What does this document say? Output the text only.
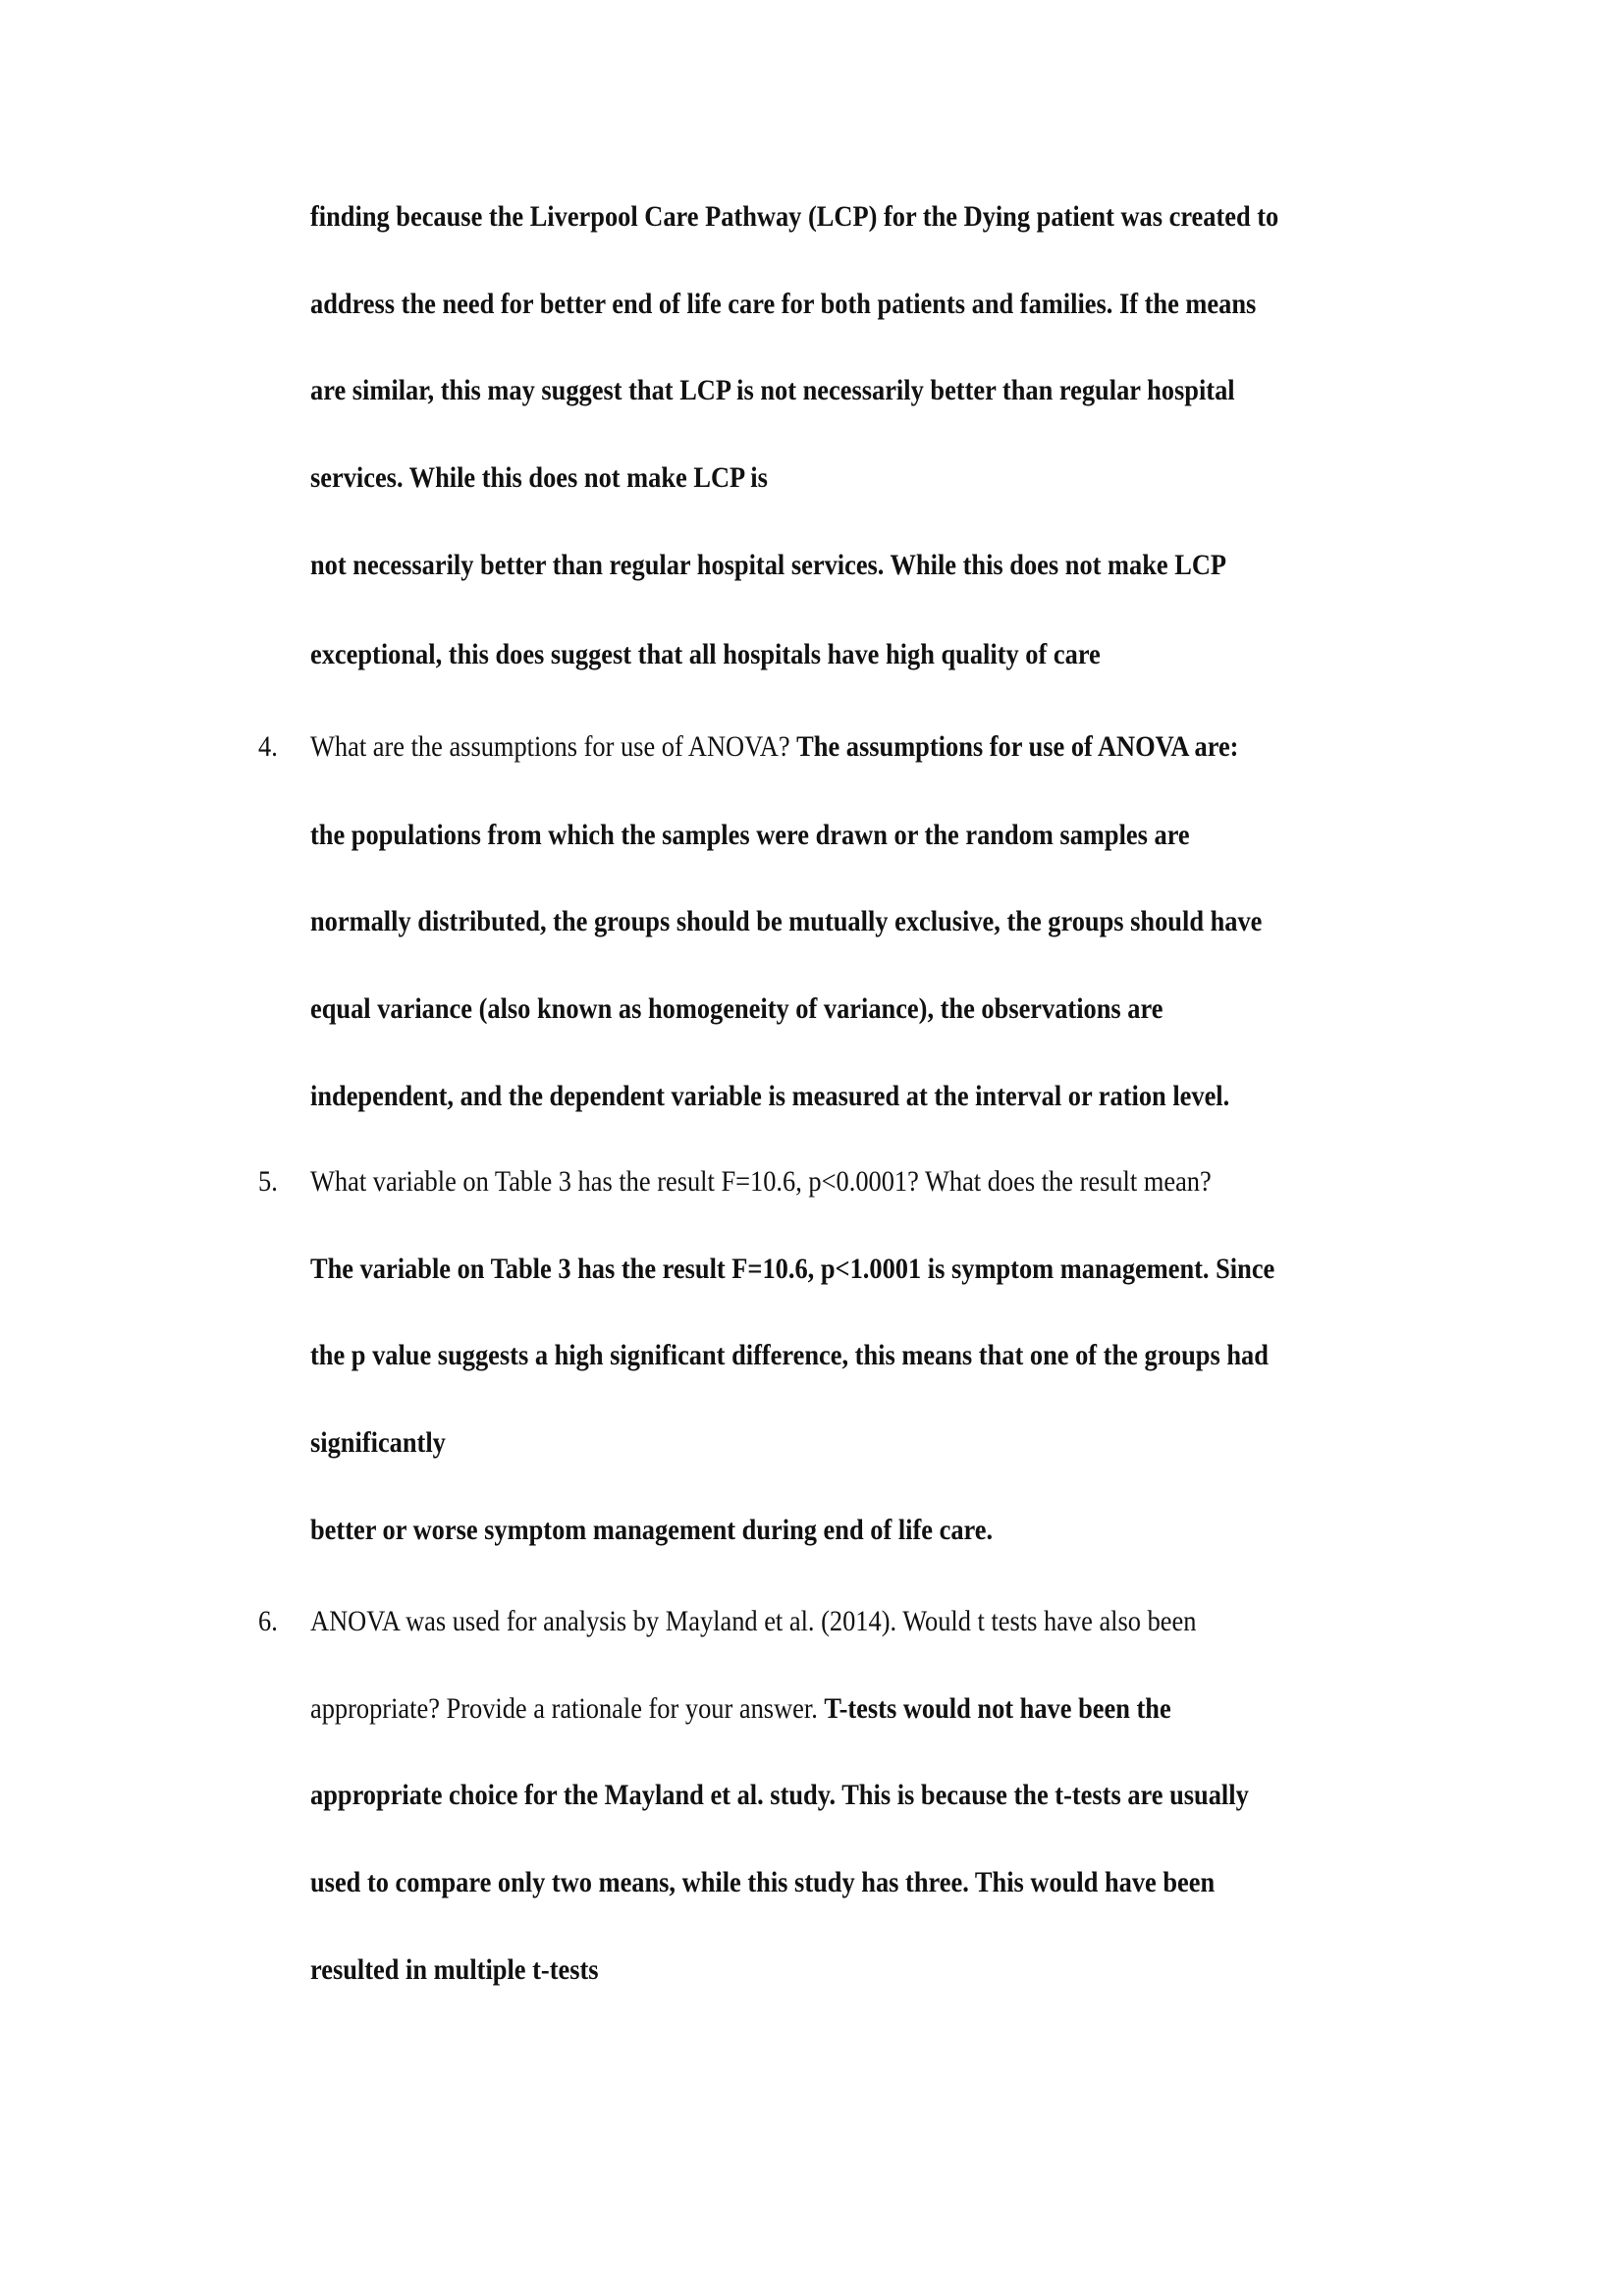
finding because the Liverpool Care Pathway (LCP) for the Dying patient was created to
address the need for better end of life care for both patients and families. If the means
are similar, this may suggest that LCP is not necessarily better than regular hospital
services. While this does not make LCP is
not necessarily better than regular hospital services. While this does not make LCP
exceptional, this does suggest that all hospitals have high quality of care
4. What are the assumptions for use of ANOVA? The assumptions for use of ANOVA are:
the populations from which the samples were drawn or the random samples are
normally distributed, the groups should be mutually exclusive, the groups should have
equal variance (also known as homogeneity of variance), the observations are
independent, and the dependent variable is measured at the interval or ration level.
5. What variable on Table 3 has the result F=10.6, p<0.0001? What does the result mean?
The variable on Table 3 has the result F=10.6, p<1.0001 is symptom management. Since
the p value suggests a high significant difference, this means that one of the groups had
significantly
better or worse symptom management during end of life care.
6. ANOVA was used for analysis by Mayland et al. (2014). Would t tests have also been
appropriate? Provide a rationale for your answer. T-tests would not have been the
appropriate choice for the Mayland et al. study. This is because the t-tests are usually
used to compare only two means, while this study has three. This would have been
resulted in multiple t-tests
